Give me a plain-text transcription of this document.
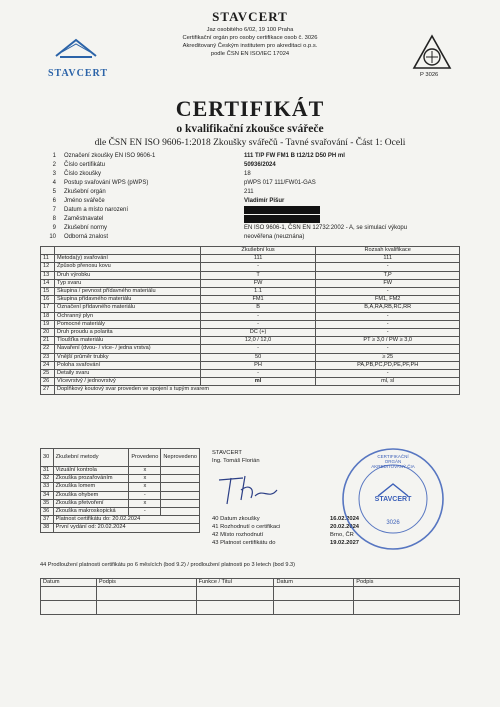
STAVCERT
STAVCERT
Jaz osobitého 6/02, 19 100 Praha
Certifikační orgán pro osoby certifikace osob č. 3026
Akreditovaný Českým institutem pro akreditaci o.p.s.
podle ČSN EN ISO/IEC 17024
P 3026
CERTIFIKÁT
o kvalifikační zkoušce svářeče
dle ČSN EN ISO 9606-1:2018 Zkoušky svářečů - Tavné svařování - Část 1: Oceli
1 Označení zkoušky EN ISO 9606-1	111 T/P FW FM1 B t12/12 D50 PH ml
2 Číslo certifikátu	50936/2024
3 Číslo zkoušky	18
4 Postup svařování WPS (pWPS)	pWPS 017 111/FW01-GAS
5 Zkušební orgán	211
6 Jméno svářeče	Vladimír Pišur
7 Datum a místo narození
8 Zaměstnavatel
9 Zkušební normy	EN ISO 9606-1, ČSN EN 12732:2002 - A, se simulací výkopu
10 Odborná znalost	neověřena (neuznána)
		Zkušební kus	Rozsah kvalifikace
11	Metoda(y) svařování	111	111
12	Způsob přenosu kovu	-	-
13	Druh výrobku	T	T,P
14	Typ svaru	FW	FW
15	Skupina / pevnost přídavného materiálu	1.1	-
16	Skupina přídavného materiálu	FM1	FM1, FM2
17	Označení přídavného materiálu	B	B,A,RA,RB,RC,RR
18	Ochranný plyn	-	-
19	Pomocné materiály	-	-
20	Druh proudu a polarita	DC (+)	-
21	Tloušťka materiálu	12,0 / 12,0	PT ≥ 3,0 / PW ≥ 3,0
22	Navaření (dvou- / více- / jedna vrstva)	-	-
23	Vnější průměr trubky	50	≥ 25
24	Poloha svařování	PH	PA,PB,PC,PD,PE,PF,PH
25	Detaily svaru	-	-
26	Vícevrstvý / jednovrstvý	ml	ml, sl
27	Doplňkový koutový svar proveden ve spojení s tupým svarem		
30	Zkušební metody	Provedeno	Neprovedeno
31	Vizuální kontrola	x	
32	Zkouška prozařováním	x	
33	Zkouška lomem	x	
34	Zkouška ohybem	-	
35	Zkouška přetvoření	x	
36	Zkouška makroskopická	-	
37	Platnost certifikátu do: 20.02.2024		
38	První vydání od: 20.02.2024		
STAVCERT
Ing. Tomáš Florián
40 Datum zkoušky	16.02.2024
41 Rozhodnutí o certifikaci	20.02.2024
42 Místo rozhodnutí	Brno, ČR
43 Platnost certifikátu do	19.02.2027
CERTIFIKAČNÍ ORGÁN AKREDITOVANÝ ČIA
STAVCERT
3026
44 Prodloužení platnosti certifikátu po 6 měsících (bod 9.2) / prodloužení platnosti po 3 letech (bod 9.3)
Datum	Podpis	Funkce / Titul	Datum	Podpis
